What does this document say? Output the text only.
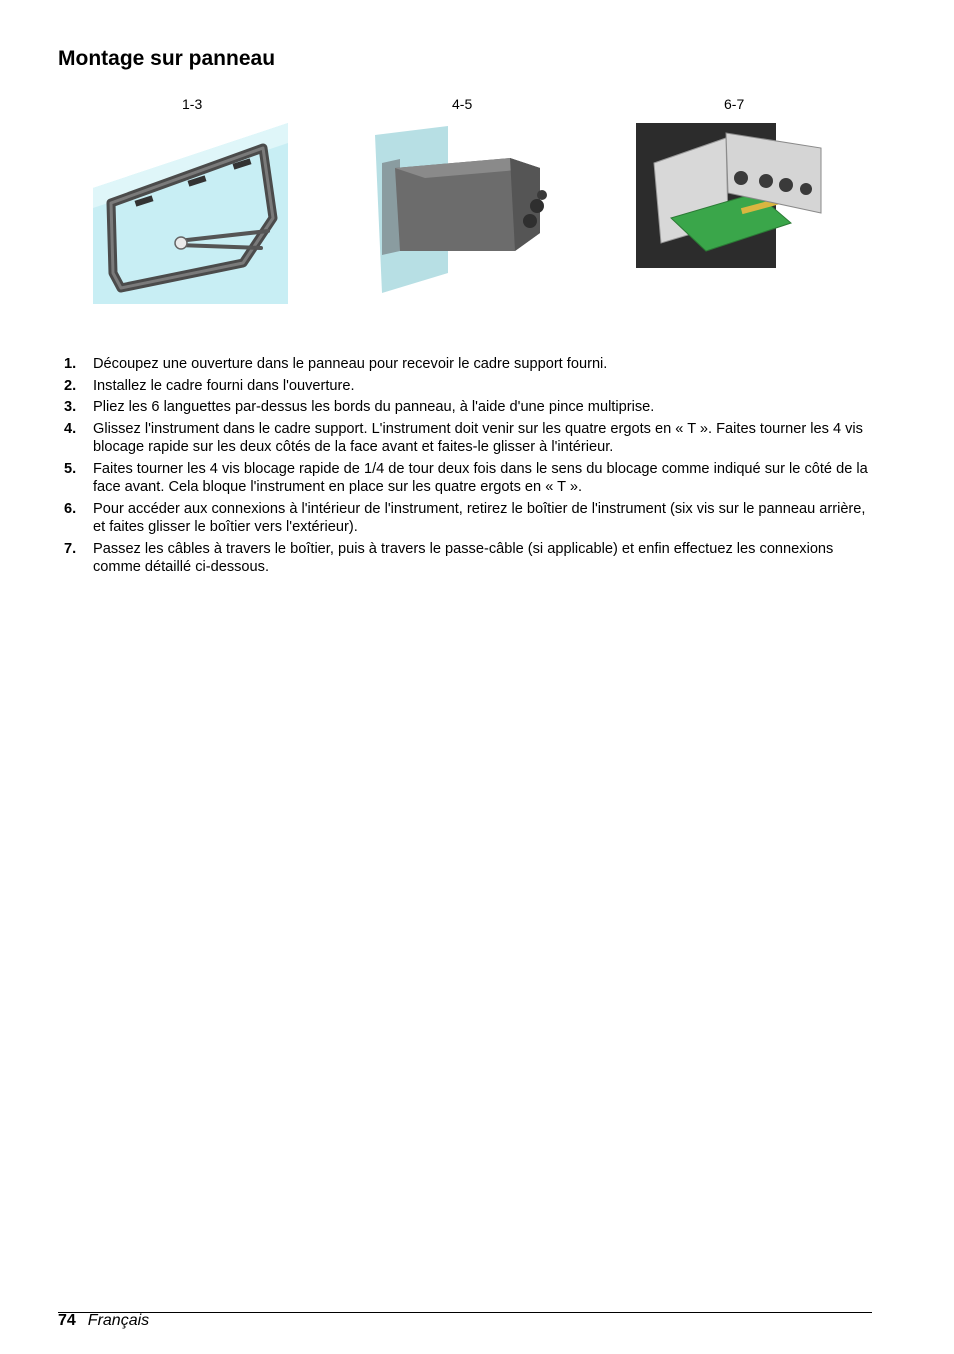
Montage sur panneau
1-3	4-5	6-7
1. Découpez une ouverture dans le panneau pour recevoir le cadre support fourni.
2. Installez le cadre fourni dans l'ouverture.
3. Pliez les 6 languettes par-dessus les bords du panneau, à l'aide d'une pince multiprise.
4. Glissez l'instrument dans le cadre support. L'instrument doit venir sur les quatre ergots en « T ». Faites tourner les 4 vis blocage rapide sur les deux côtés de la face avant et faites-le glisser à l'intérieur.
5. Faites tourner les 4 vis blocage rapide de 1/4 de tour deux fois dans le sens du blocage comme indiqué sur le côté de la face avant. Cela bloque l'instrument en place sur les quatre ergots en « T ».
6. Pour accéder aux connexions à l'intérieur de l'instrument, retirez le boîtier de l'instrument (six vis sur le panneau arrière, et faites glisser le boîtier vers l'extérieur).
7. Passez les câbles à travers le boîtier, puis à travers le passe-câble (si applicable) et enfin effectuez les connexions comme détaillé ci-dessous.
74 Français
